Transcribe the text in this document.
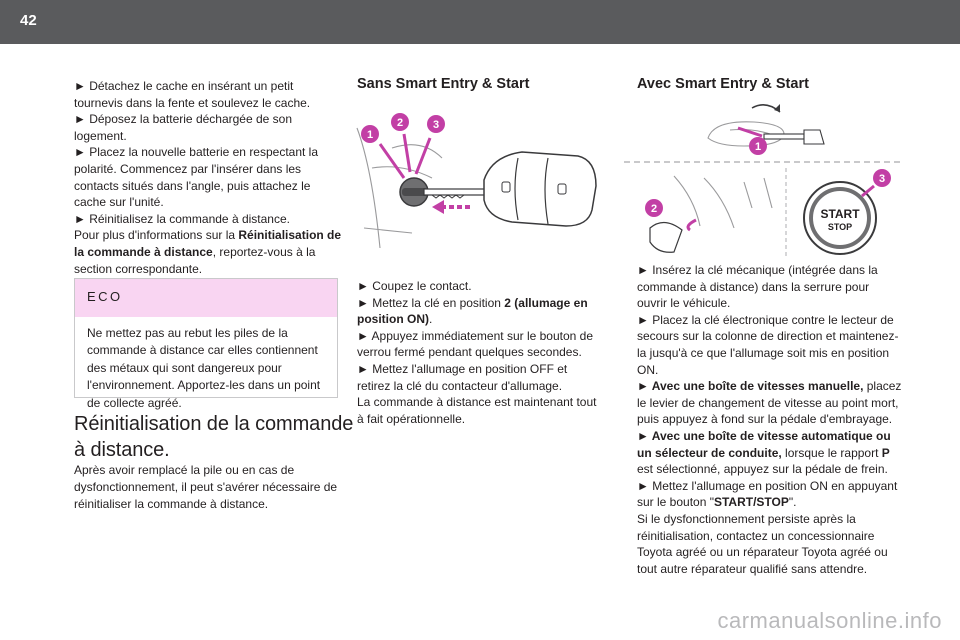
42

► Détachez le cache en insérant un petit tournevis dans la fente et soulevez le cache.

► Déposez la batterie déchargée de son logement.

► Placez la nouvelle batterie en respectant la polarité. Commencez par l'insérer dans les contacts situés dans l'angle, puis attachez le cache sur l'unité.

► Réinitialisez la commande à distance.

Pour plus d'informations sur la Réinitialisation de la commande à distance, reportez-vous à la section correspondante.

ECO
Ne mettez pas au rebut les piles de la commande à distance car elles contiennent des métaux qui sont dangereux pour l'environnement. Apportez-les dans un point de collecte agréé.
Réinitialisation de la commande à distance.
Après avoir remplacé la pile ou en cas de dysfonctionnement, il peut s'avérer nécessaire de réinitialiser la commande à distance.
Sans Smart Entry & Start
1
2	3

► Coupez le contact.

► Mettez la clé en position 2 (allumage en position ON).

► Appuyez immédiatement sur le bouton de verrou fermé pendant quelques secondes.

► Mettez l'allumage en position OFF et retirez la clé du contacteur d'allumage.

La commande à distance est maintenant tout à fait opérationnelle.

Avec Smart Entry & Start
1
START
STOP
2
3

► Insérez la clé mécanique (intégrée dans la commande à distance) dans la serrure pour ouvrir le véhicule.

► Placez la clé électronique contre le lecteur de secours sur la colonne de direction et maintenez-la jusqu'à ce que l'allumage soit mis en position ON.

► Avec une boîte de vitesses manuelle, placez le levier de changement de vitesse au point mort, puis appuyez à fond sur la pédale d'embrayage.

► Avec une boîte de vitesse automatique ou un sélecteur de conduite, lorsque le rapport P est sélectionné, appuyez sur la pédale de frein.

► Mettez l'allumage en position ON en appuyant sur le bouton "START/STOP".

Si le dysfonctionnement persiste après la réinitialisation, contactez un concessionnaire Toyota agréé ou un réparateur Toyota agréé ou tout autre réparateur qualifié sans attendre.

carmanualsonline.info
